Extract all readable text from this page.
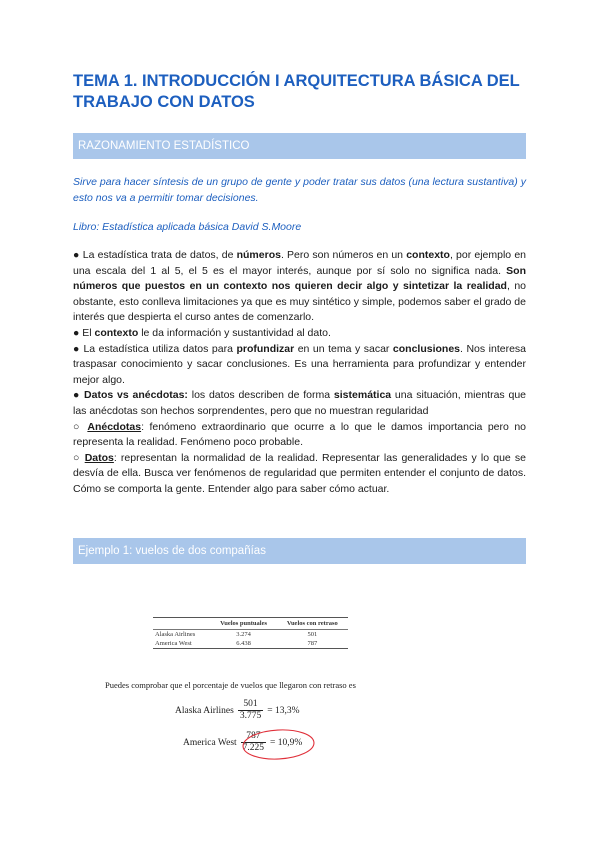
TEMA 1. INTRODUCCIÓN I ARQUITECTURA BÁSICA DEL TRABAJO CON DATOS
RAZONAMIENTO ESTADÍSTICO
Sirve para hacer síntesis de un grupo de gente y poder tratar sus datos (una lectura sustantiva) y esto nos va a permitir tomar decisiones.
Libro: Estadística aplicada básica David S.Moore

● La estadística trata de datos, de números. Pero son números en un contexto, por ejemplo en una escala del 1 al 5, el 5 es el mayor interés, aunque por sí solo no significa nada. Son números que puestos en un contexto nos quieren decir algo y sintetizar la realidad, no obstante, esto conlleva limitaciones ya que es muy sintético y simple, podemos saber el grado de interés que despierta el curso antes de comenzarlo.

● El contexto le da información y sustantividad al dato.

● La estadística utiliza datos para profundizar en un tema y sacar conclusiones. Nos interesa traspasar conocimiento y sacar conclusiones. Es una herramienta para profundizar y entender mejor algo.

● Datos vs anécdotas: los datos describen de forma sistemática una situación, mientras que las anécdotas son hechos sorprendentes, pero que no muestran regularidad

○ Anécdotas: fenómeno extraordinario que ocurre a lo que le damos importancia pero no representa la realidad. Fenómeno poco probable.

○ Datos: representan la normalidad de la realidad. Representar las generalidades y lo que se desvía de ella. Busca ver fenómenos de regularidad que permiten entender el conjunto de datos. Cómo se comporta la gente. Entender algo para saber cómo actuar.

Ejemplo 1: vuelos de dos compañías

	Vuelos puntuales	Vuelos con retraso
Alaska Airlines	3.274	501
America West	6.438	787

Puedes comprobar que el porcentaje de vuelos que llegaron con retraso es
Alaska Airlines $\frac{501}{3.775} = 13,3\%$
America West $\frac{787}{7.225} = 10,9\%$
